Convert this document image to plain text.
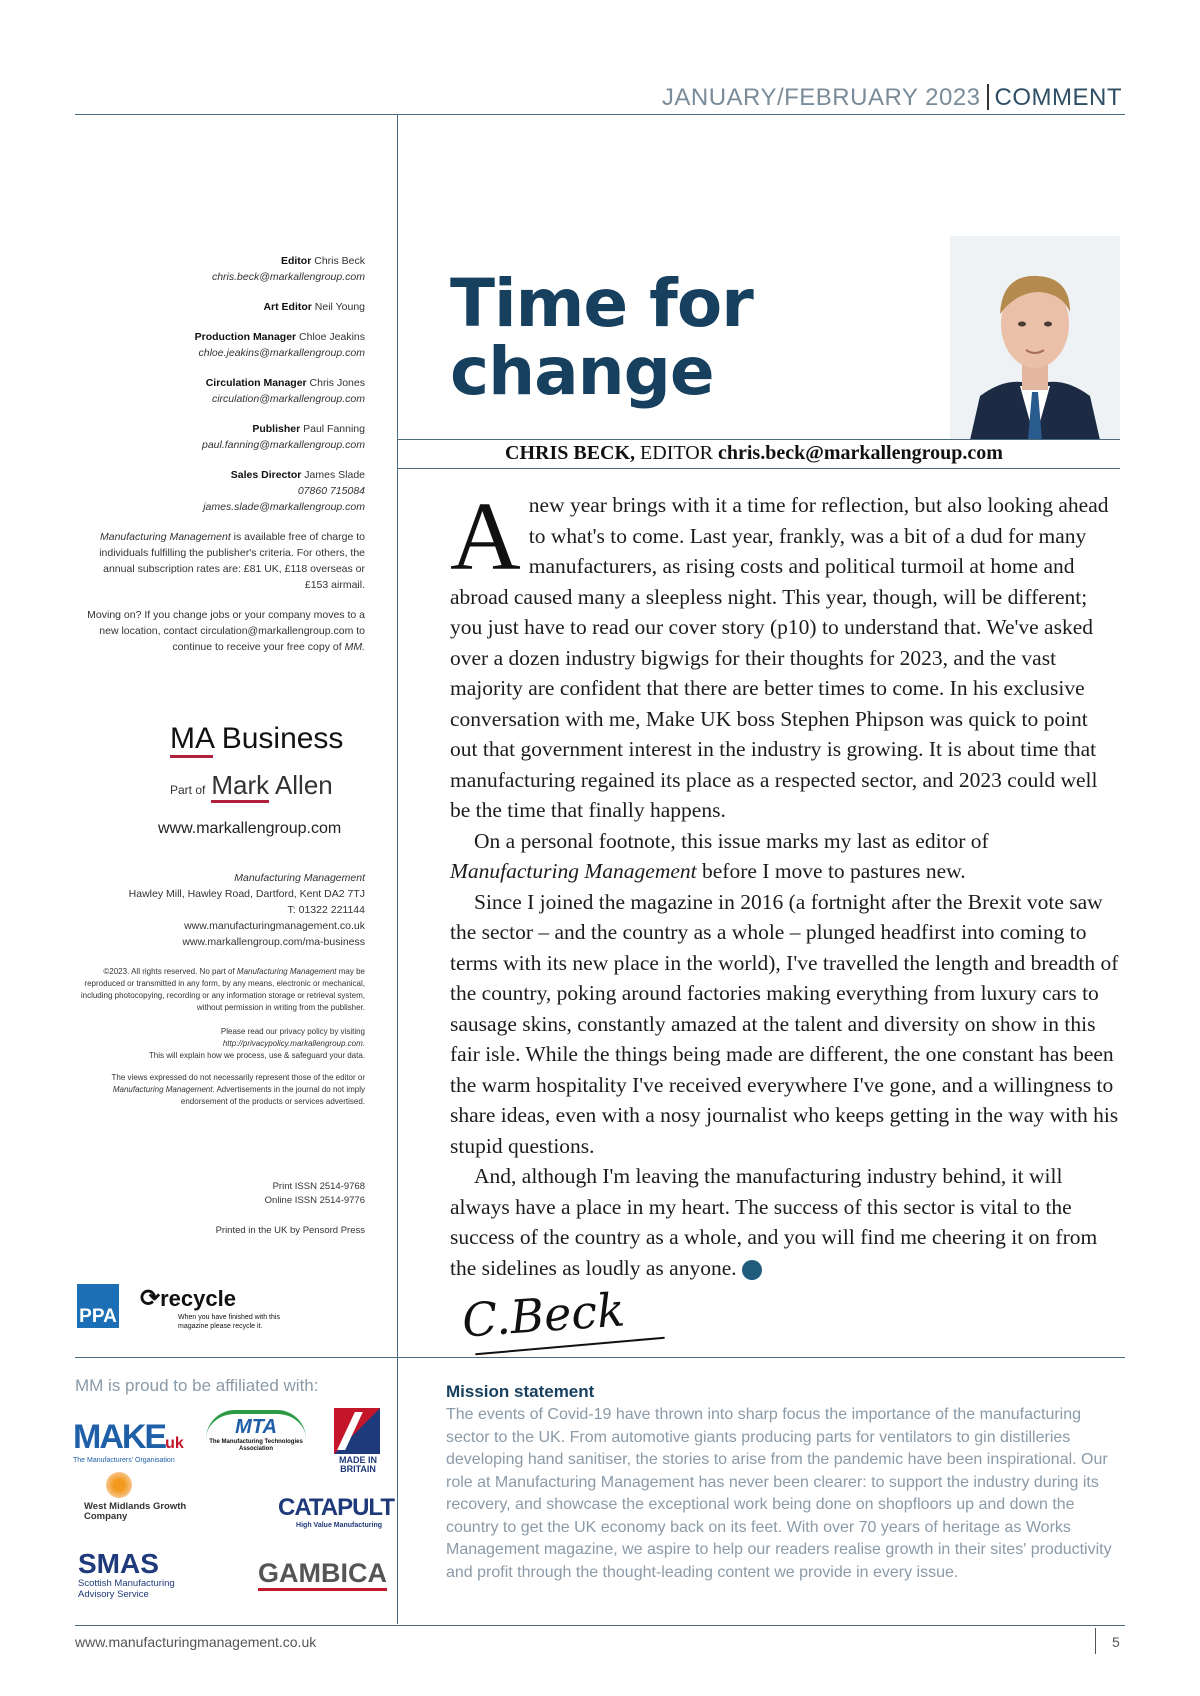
JANUARY/FEBRUARY 2023 COMMENT
Editor Chris Beck
chris.beck@markallengroup.com
Art Editor Neil Young
Production Manager Chloe Jeakins
chloe.jeakins@markallengroup.com
Circulation Manager Chris Jones
circulation@markallengroup.com
Publisher Paul Fanning
paul.fanning@markallengroup.com
Sales Director James Slade
07860 715084
james.slade@markallengroup.com
Manufacturing Management is available free of charge to individuals fulfilling the publisher's criteria. For others, the annual subscription rates are: £81 UK, £118 overseas or £153 airmail.
Moving on? If you change jobs or your company moves to a new location, contact circulation@markallengroup.com to continue to receive your free copy of MM.
MA Business
Part of Mark Allen
www.markallengroup.com
Manufacturing Management
Hawley Mill, Hawley Road, Dartford, Kent DA2 7TJ
T: 01322 221144
www.manufacturingmanagement.co.uk
www.markallengroup.com/ma-business
©2023. All rights reserved. No part of Manufacturing Management may be reproduced or transmitted in any form, by any means, electronic or mechanical, including photocopying, recording or any information storage or retrieval system, without permission in writing from the publisher.
Please read our privacy policy by visiting
http://privacypolicy.markallengroup.com.
This will explain how we process, use & safeguard your data.
The views expressed do not necessarily represent those of the editor or Manufacturing Management. Advertisements in the journal do not imply endorsement of the products or services advertised.
Print ISSN 2514-9768
Online ISSN 2514-9776
Printed in the UK by Pensord Press
PPA
⟳recycle
When you have finished with this magazine please recycle it.
MM is proud to be affiliated with:
MAKEuk
The Manufacturers' Organisation
MTA
The Manufacturing Technologies Association
MADE IN BRITAIN
West Midlands Growth Company	CATAPULT
High Value Manufacturing
SMAS
Scottish Manufacturing
Advisory Service
GAMBICA
Time for
change
CHRIS BECK, EDITOR chris.beck@markallengroup.com

A new year brings with it a time for reflection, but also looking ahead to what's to come. Last year, frankly, was a bit of a dud for many manufacturers, as rising costs and political turmoil at home and abroad caused many a sleepless night. This year, though, will be different; you just have to read our cover story (p10) to understand that. We've asked over a dozen industry bigwigs for their thoughts for 2023, and the vast majority are confident that there are better times to come. In his exclusive conversation with me, Make UK boss Stephen Phipson was quick to point out that government interest in the industry is growing. It is about time that manufacturing regained its place as a respected sector, and 2023 could well be the time that finally happens.

On a personal footnote, this issue marks my last as editor of Manufacturing Management before I move to pastures new.

Since I joined the magazine in 2016 (a fortnight after the Brexit vote saw the sector – and the country as a whole – plunged headfirst into coming to terms with its new place in the world), I've travelled the length and breadth of the country, poking around factories making everything from luxury cars to sausage skins, constantly amazed at the talent and diversity on show in this fair isle. While the things being made are different, the one constant has been the warm hospitality I've received everywhere I've gone, and a willingness to share ideas, even with a nosy journalist who keeps getting in the way with his stupid questions.

And, although I'm leaving the manufacturing industry behind, it will always have a place in my heart. The success of this sector is vital to the success of the country as a whole, and you will find me cheering it on from the sidelines as loudly as anyone. M

C.Beck
Mission statement
The events of Covid-19 have thrown into sharp focus the importance of the manufacturing sector to the UK. From automotive giants producing parts for ventilators to gin distilleries developing hand sanitiser, the stories to arise from the pandemic have been inspirational. Our role at Manufacturing Management has never been clearer: to support the industry during its recovery, and showcase the exceptional work being done on shopfloors up and down the country to get the UK economy back on its feet. With over 70 years of heritage as Works Management magazine, we aspire to help our readers realise growth in their sites' productivity and profit through the thought-leading content we provide in every issue.
www.manufacturingmanagement.co.uk	5
